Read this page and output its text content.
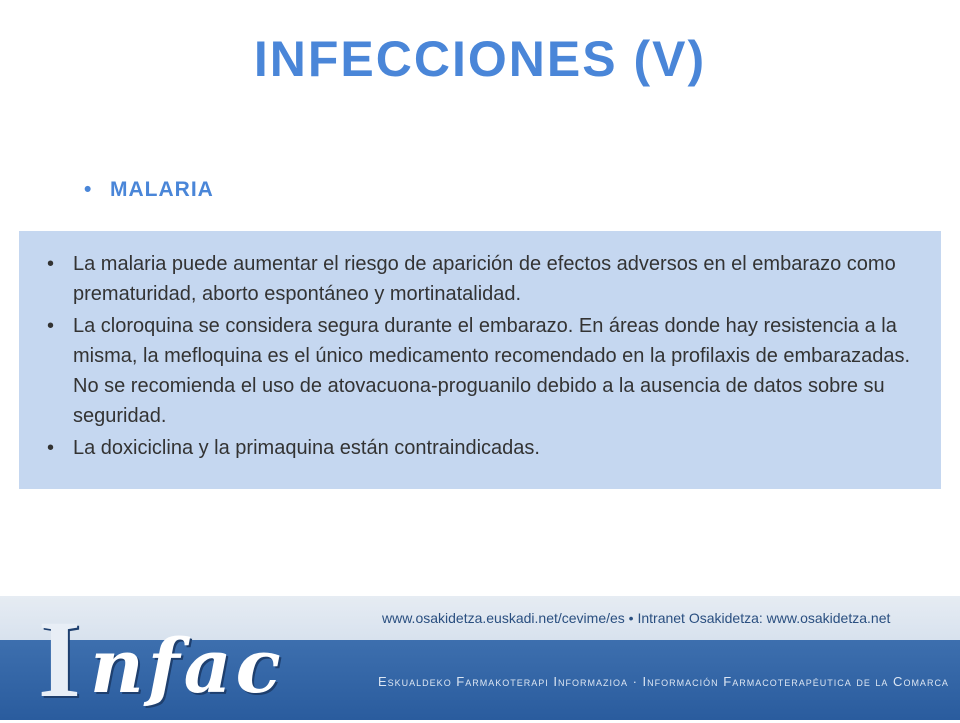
INFECCIONES (V)
• MALARIA
• La malaria puede aumentar el riesgo de aparición de efectos adversos en el embarazo como prematuridad, aborto espontáneo y mortinatalidad.
• La cloroquina se considera segura durante el embarazo. En áreas donde hay resistencia a la misma, la mefloquina es el único medicamento recomendado en la profilaxis de embarazadas. No se recomienda el uso de atovacuona-proguanilo debido a la ausencia de datos sobre su seguridad.
• La doxiciclina y la primaquina están contraindicadas.
I nfac
www.osakidetza.euskadi.net/cevime/es • Intranet Osakidetza: www.osakidetza.net
Eskualdeko Farmakoterapi Informazioa · Información Farmacoterapéutica de la Comarca
